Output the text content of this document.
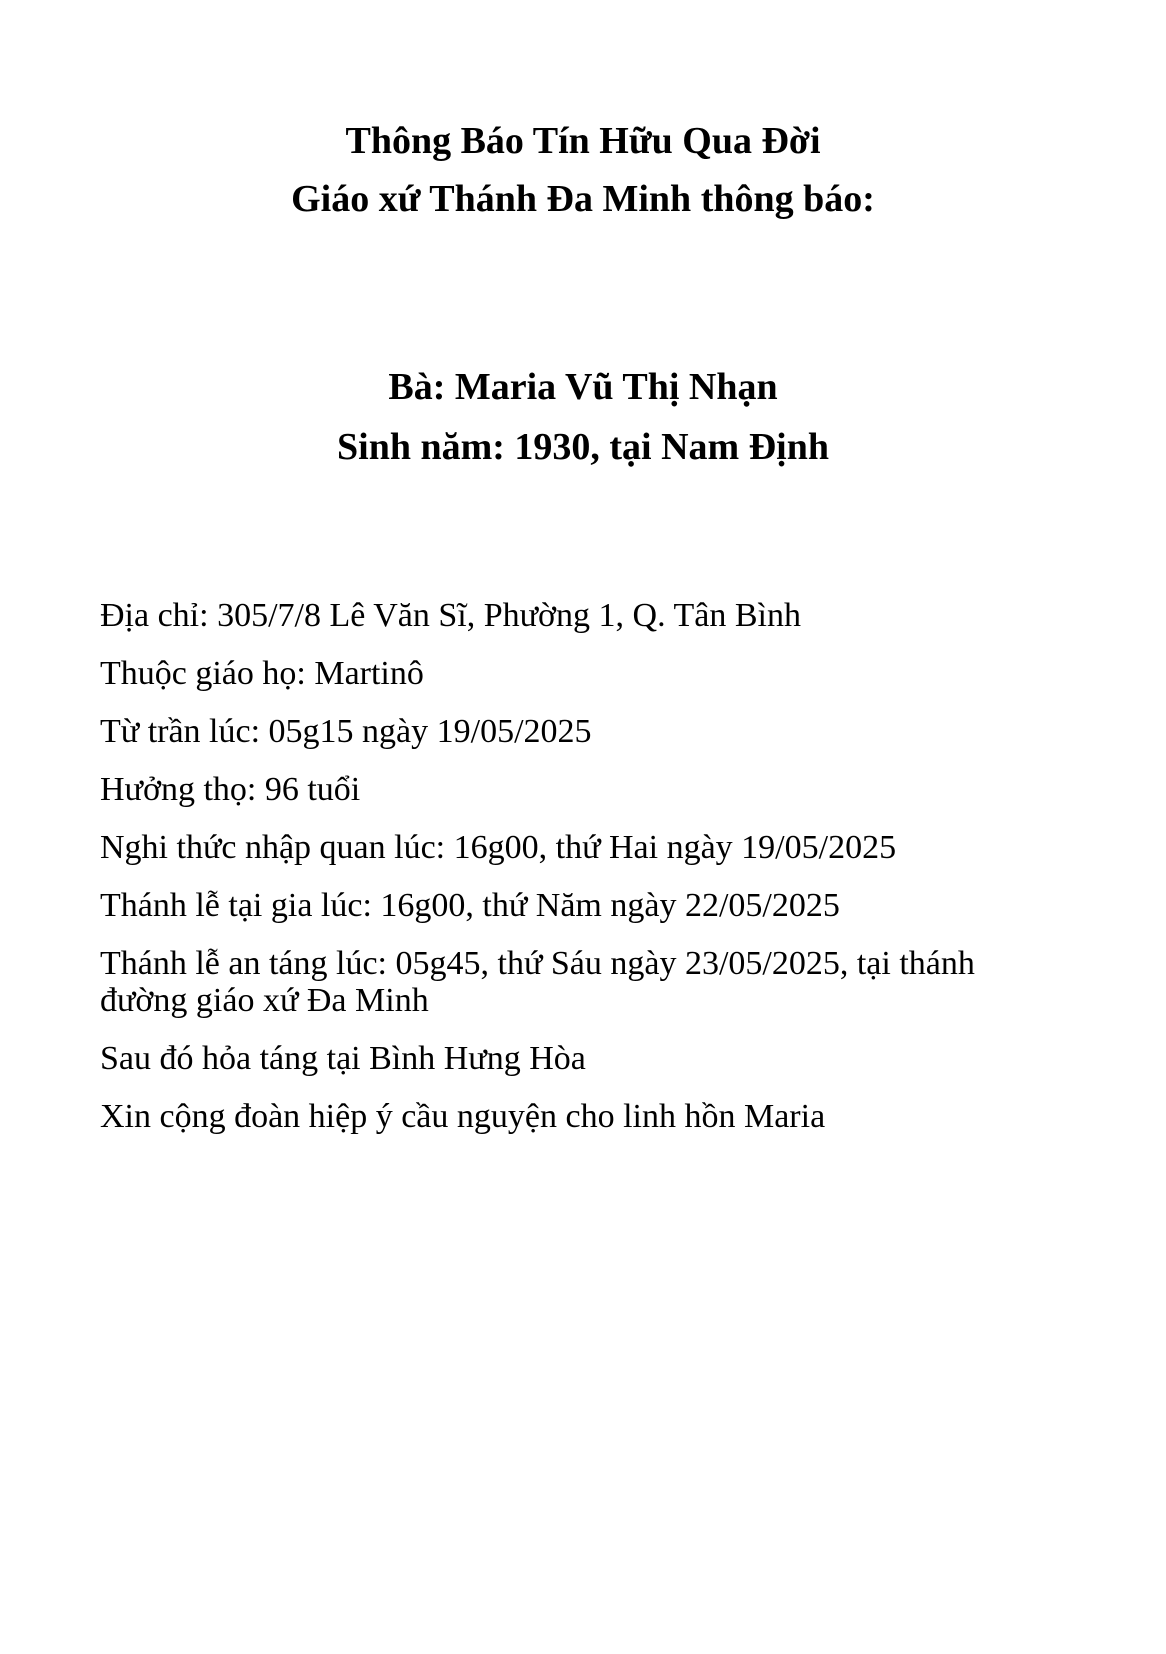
Thông Báo Tín Hữu Qua Đời
Giáo xứ Thánh Đa Minh thông báo:
Bà: Maria Vũ Thị Nhạn
Sinh năm: 1930, tại Nam Định
Địa chỉ: 305/7/8 Lê Văn Sĩ, Phường 1, Q. Tân Bình
Thuộc giáo họ: Martinô
Từ trần lúc: 05g15 ngày 19/05/2025
Hưởng thọ: 96 tuổi
Nghi thức nhập quan lúc: 16g00, thứ Hai ngày 19/05/2025
Thánh lễ tại gia lúc: 16g00, thứ Năm ngày 22/05/2025
Thánh lễ an táng lúc: 05g45, thứ Sáu ngày 23/05/2025, tại thánh đường giáo xứ Đa Minh
Sau đó hỏa táng tại Bình Hưng Hòa
Xin cộng đoàn hiệp ý cầu nguyện cho linh hồn Maria
